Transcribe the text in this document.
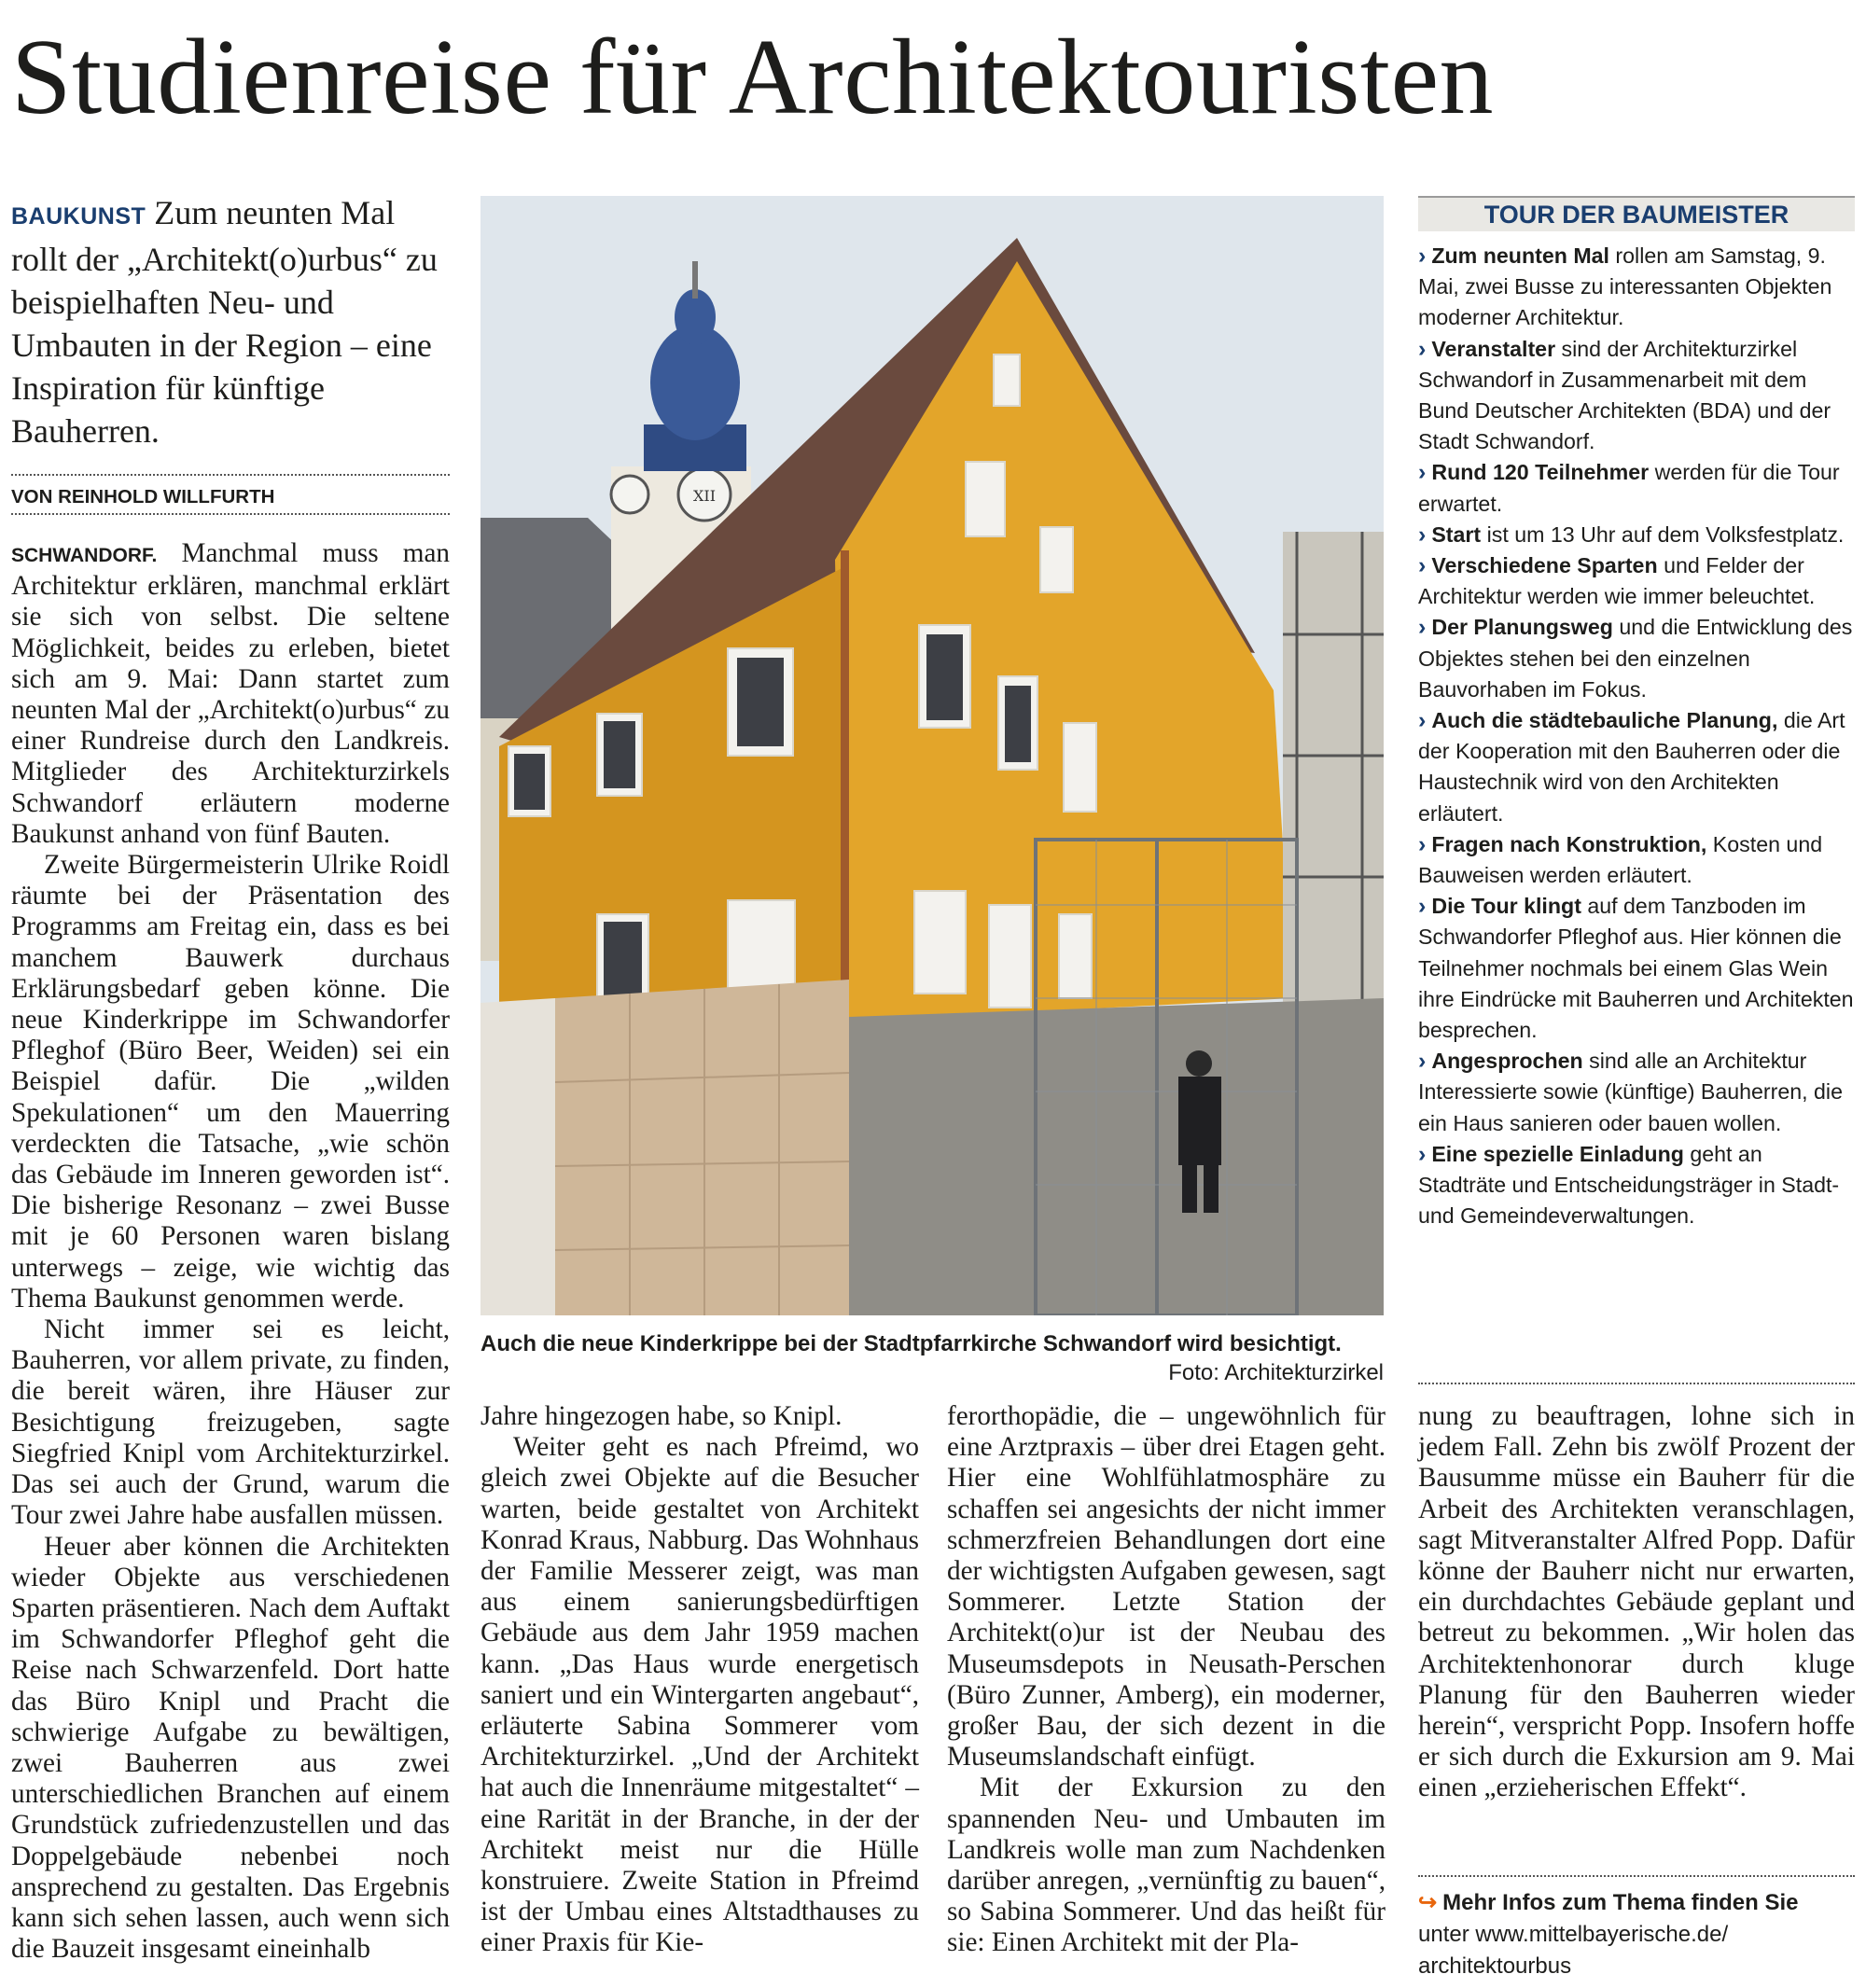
Studienreise für Architektouristen
BAUKUNST Zum neunten Mal rollt der „Architekt(o)urbus“ zu beispielhaften Neu- und Umbauten in der Region – eine Inspiration für künftige Bauherren.
VON REINHOLD WILLFURTH

SCHWANDORF. Manchmal muss man Architektur erklären, manchmal erklärt sie sich von selbst. Die seltene Möglichkeit, beides zu erleben, bietet sich am 9. Mai: Dann startet zum neunten Mal der „Architekt(o)urbus“ zu einer Rundreise durch den Landkreis. Mitglieder des Architekturzirkels Schwandorf erläutern moderne Baukunst anhand von fünf Bauten.

Zweite Bürgermeisterin Ulrike Roidl räumte bei der Präsentation des Programms am Freitag ein, dass es bei manchem Bauwerk durchaus Erklärungsbedarf geben könne. Die neue Kinderkrippe im Schwandorfer Pfleghof (Büro Beer, Weiden) sei ein Beispiel dafür. Die „wilden Spekulationen“ um den Mauerring verdeckten die Tatsache, „wie schön das Gebäude im Inneren geworden ist“. Die bisherige Resonanz – zwei Busse mit je 60 Personen waren bislang unterwegs – zeige, wie wichtig das Thema Baukunst genommen werde.

Nicht immer sei es leicht, Bauherren, vor allem private, zu finden, die bereit wären, ihre Häuser zur Besichtigung freizugeben, sagte Siegfried Knipl vom Architekturzirkel. Das sei auch der Grund, warum die Tour zwei Jahre habe ausfallen müssen.

Heuer aber können die Architekten wieder Objekte aus verschiedenen Sparten präsentieren. Nach dem Auftakt im Schwandorfer Pfleghof geht die Reise nach Schwarzenfeld. Dort hatte das Büro Knipl und Pracht die schwierige Aufgabe zu bewältigen, zwei Bauherren aus zwei unterschiedlichen Branchen auf einem Grundstück zufriedenzustellen und das Doppelgebäude nebenbei noch ansprechend zu gestalten. Das Ergebnis kann sich sehen lassen, auch wenn sich die Bauzeit insgesamt eineinhalb

XII
Auch die neue Kinderkrippe bei der Stadtpfarrkirche Schwandorf wird besichtigt.
Foto: Architekturzirkel

Jahre hingezogen habe, so Knipl.

Weiter geht es nach Pfreimd, wo gleich zwei Objekte auf die Besucher warten, beide gestaltet von Architekt Konrad Kraus, Nabburg. Das Wohnhaus der Familie Messerer zeigt, was man aus einem sanierungsbedürftigen Gebäude aus dem Jahr 1959 machen kann. „Das Haus wurde energetisch saniert und ein Wintergarten angebaut“, erläuterte Sabina Sommerer vom Architekturzirkel. „Und der Architekt hat auch die Innenräume mitgestaltet“ – eine Rarität in der Branche, in der der Architekt meist nur die Hülle konstruiere. Zweite Station in Pfreimd ist der Umbau eines Altstadthauses zu einer Praxis für Kie-

ferorthopädie, die – ungewöhnlich für eine Arztpraxis – über drei Etagen geht. Hier eine Wohlfühlatmosphäre zu schaffen sei angesichts der nicht immer schmerzfreien Behandlungen dort eine der wichtigsten Aufgaben gewesen, sagt Sommerer. Letzte Station der Architekt(o)ur ist der Neubau des Museumsdepots in Neusath-Perschen (Büro Zunner, Amberg), ein moderner, großer Bau, der sich dezent in die Museumslandschaft einfügt.

Mit der Exkursion zu den spannenden Neu- und Umbauten im Landkreis wolle man zum Nachdenken darüber anregen, „vernünftig zu bauen“, so Sabina Sommerer. Und das heißt für sie: Einen Architekt mit der Pla-

TOUR DER BAUMEISTER
› Zum neunten Mal rollen am Samstag, 9. Mai, zwei Busse zu interessanten Objekten moderner Architektur.
› Veranstalter sind der Architekturzirkel Schwandorf in Zusammenarbeit mit dem Bund Deutscher Architekten (BDA) und der Stadt Schwandorf.
› Rund 120 Teilnehmer werden für die Tour erwartet.
› Start ist um 13 Uhr auf dem Volksfestplatz.
› Verschiedene Sparten und Felder der Architektur werden wie immer beleuchtet.
› Der Planungsweg und die Entwicklung des Objektes stehen bei den einzelnen Bauvorhaben im Fokus.
› Auch die städtebauliche Planung, die Art der Kooperation mit den Bauherren oder die Haustechnik wird von den Architekten erläutert.
› Fragen nach Konstruktion, Kosten und Bauweisen werden erläutert.
› Die Tour klingt auf dem Tanzboden im Schwandorfer Pfleghof aus. Hier können die Teilnehmer nochmals bei einem Glas Wein ihre Eindrücke mit Bauherren und Architekten besprechen.
› Angesprochen sind alle an Architektur Interessierte sowie (künftige) Bauherren, die ein Haus sanieren oder bauen wollen.
› Eine spezielle Einladung geht an Stadträte und Entscheidungsträger in Stadt- und Gemeindeverwaltungen.

nung zu beauftragen, lohne sich in jedem Fall. Zehn bis zwölf Prozent der Bausumme müsse ein Bauherr für die Arbeit des Architekten veranschlagen, sagt Mitveranstalter Alfred Popp. Dafür könne der Bauherr nicht nur erwarten, ein durchdachtes Gebäude geplant und betreut zu bekommen. „Wir holen das Architektenhonorar durch kluge Planung für den Bauherren wieder herein“, verspricht Popp. Insofern hoffe er sich durch die Exkursion am 9. Mai einen „erzieherischen Effekt“.

↪ Mehr Infos zum Thema finden Sie
unter www.mittelbayerische.de/ architektourbus
